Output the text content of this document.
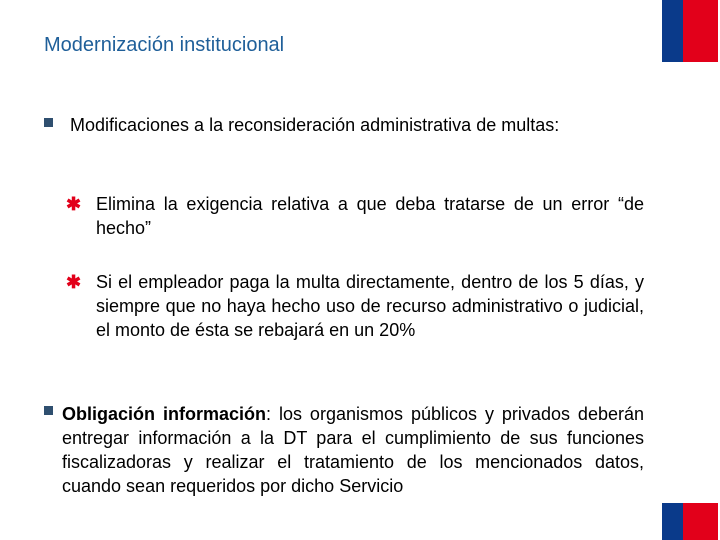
Modernización institucional
Modificaciones a la reconsideración administrativa de multas:
✱ Elimina la exigencia relativa a que deba tratarse de un error “de hecho”
✱ Si el empleador paga la multa directamente, dentro de los 5 días, y siempre que no haya hecho uso de recurso administrativo o judicial, el monto de ésta se rebajará en un 20%
Obligación información: los organismos públicos y privados deberán entregar información a la DT para el cumplimiento de sus funciones fiscalizadoras y realizar el tratamiento de los mencionados datos, cuando sean requeridos por dicho Servicio
